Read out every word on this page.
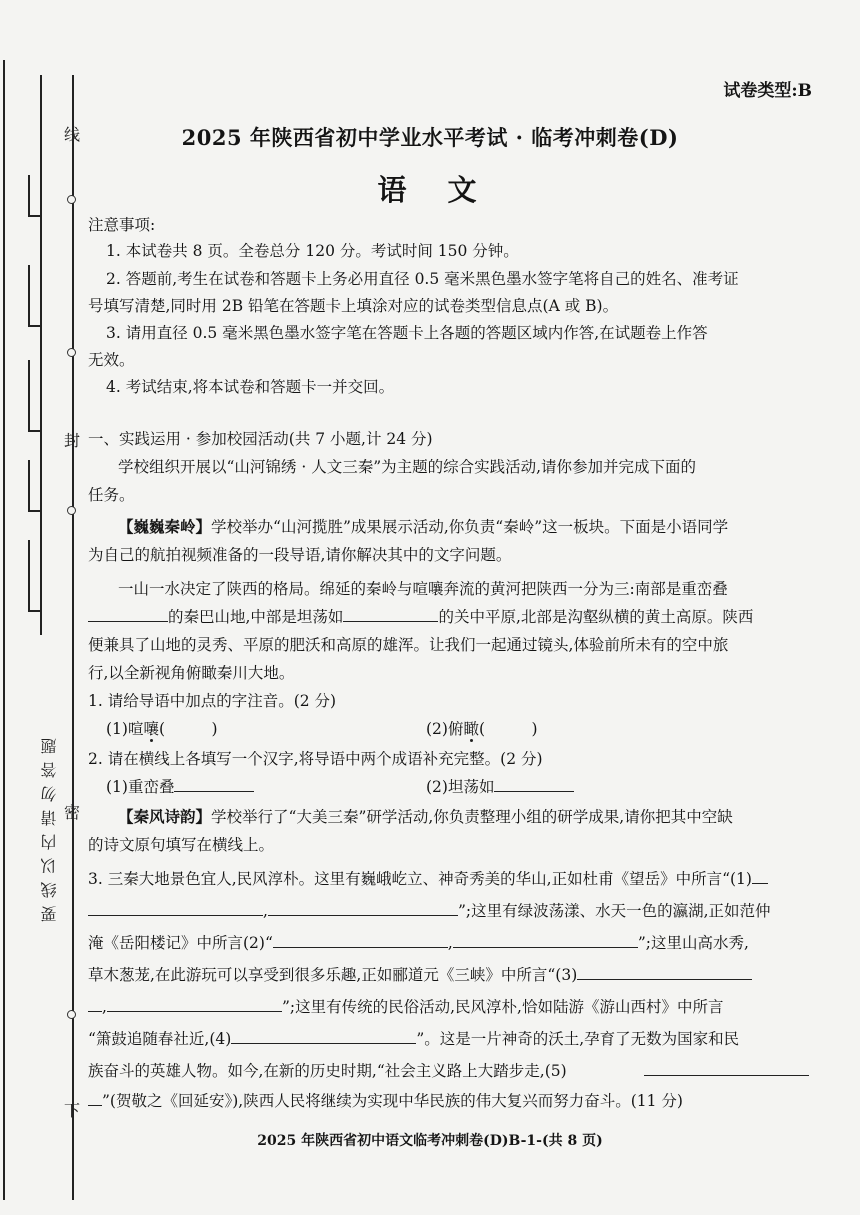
线
封
密
下
要线以内请勿答题
试卷类型:B
2025 年陕西省初中学业水平考试 · 临考冲刺卷(D)
语　文
注意事项:
1. 本试卷共 8 页。全卷总分 120 分。考试时间 150 分钟。
2. 答题前,考生在试卷和答题卡上务必用直径 0.5 毫米黑色墨水签字笔将自己的姓名、准考证
号填写清楚,同时用 2B 铅笔在答题卡上填涂对应的试卷类型信息点(A 或 B)。
3. 请用直径 0.5 毫米黑色墨水签字笔在答题卡上各题的答题区域内作答,在试题卷上作答
无效。
4. 考试结束,将本试卷和答题卡一并交回。
一、实践运用 · 参加校园活动(共 7 小题,计 24 分)
学校组织开展以“山河锦绣 · 人文三秦”为主题的综合实践活动,请你参加并完成下面的
任务。
【巍巍秦岭】学校举办“山河揽胜”成果展示活动,你负责“秦岭”这一板块。下面是小语同学
为自己的航拍视频准备的一段导语,请你解决其中的文字问题。
一山一水决定了陕西的格局。绵延的秦岭与喧嚷奔流的黄河把陕西一分为三:南部是重峦叠
的秦巴山地,中部是坦荡如	的关中平原,北部是沟壑纵横的黄土高原。陕西
便兼具了山地的灵秀、平原的肥沃和高原的雄浑。让我们一起通过镜头,体验前所未有的空中旅
行,以全新视角俯瞰秦川大地。
1. 请给导语中加点的字注音。(2 分)
(1)喧嚷(　　　)	(2)俯瞰(　　　)
2. 请在横线上各填写一个汉字,将导语中两个成语补充完整。(2 分)
(1)重峦叠	(2)坦荡如
【秦风诗韵】学校举行了“大美三秦”研学活动,你负责整理小组的研学成果,请你把其中空缺
的诗文原句填写在横线上。
3. 三秦大地景色宜人,民风淳朴。这里有巍峨屹立、神奇秀美的华山,正如杜甫《望岳》中所言“(1)
,	”;这里有绿波荡漾、水天一色的瀛湖,正如范仲
淹《岳阳楼记》中所言(2)“	,	”;这里山高水秀,
草木葱茏,在此游玩可以享受到很多乐趣,正如郦道元《三峡》中所言“(3)
,	”;这里有传统的民俗活动,民风淳朴,恰如陆游《游山西村》中所言
“箫鼓追随春社近,(4)	”。这是一片神奇的沃土,孕育了无数为国家和民
族奋斗的英雄人物。如今,在新的历史时期,“社会主义路上大踏步走,(5)
”(贺敬之《回延安》),陕西人民将继续为实现中华民族的伟大复兴而努力奋斗。(11 分)
2025 年陕西省初中语文临考冲刺卷(D)B-1-(共 8 页)
